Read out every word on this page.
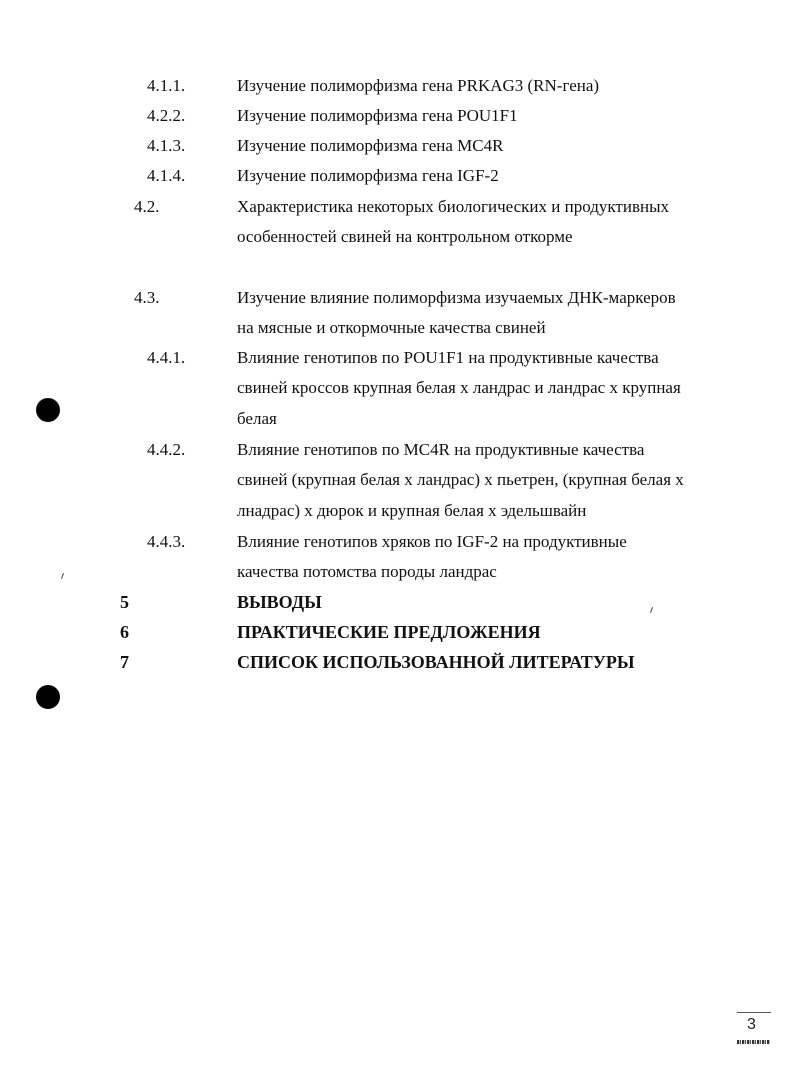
4.1.1.	Изучение полиморфизма гена PRKAG3 (RN-гена)
4.2.2.	Изучение полиморфизма гена POU1F1
4.1.3.	Изучение полиморфизма гена MC4R
4.1.4.	Изучение полиморфизма гена IGF-2
4.2.	Характеристика некоторых биологических и продуктивных особенностей свиней на контрольном откорме
4.3.	Изучение влияние полиморфизма изучаемых ДНК-маркеров на мясные и откормочные качества свиней
4.4.1.	Влияние генотипов по POU1F1 на продуктивные качества свиней кроссов крупная белая х ландрас и ландрас х крупная белая
4.4.2.	Влияние генотипов по MC4R на продуктивные качества свиней (крупная белая х ландрас) х пьетрен, (крупная белая х лнадрас) х дюрок и крупная белая х эдельшвайн
4.4.3.	Влияние генотипов хряков по IGF-2 на продуктивные качества потомства породы ландрас
5	ВЫВОДЫ
6	ПРАКТИЧЕСКИЕ ПРЕДЛОЖЕНИЯ
7	СПИСОК ИСПОЛЬЗОВАННОЙ ЛИТЕРАТУРЫ
3
